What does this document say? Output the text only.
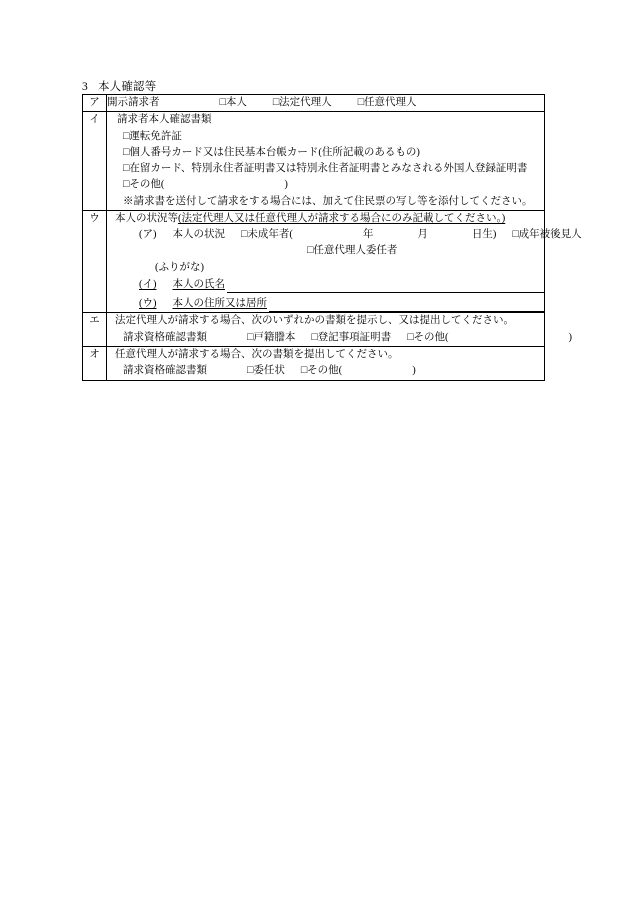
3 本人確認等
ア	開示請求者 □本人 □法定代理人 □任意代理人
イ	請求者本人確認書類
□運転免許証
□個人番号カード又は住民基本台帳カード(住所記載のあるもの)
□在留カード、特別永住者証明書又は特別永住者証明書とみなされる外国人登録証明書
□その他(	)
※請求書を送付して請求をする場合には、加えて住民票の写し等を添付してください。

ウ	本人の状況等(法定代理人又は任意代理人が請求する場合にのみ記載してください。)
(ア) 本人の状況 □未成年者(	年	月	日生) □成年被後見人
□任意代理人委任者
(ふりがな)
(イ) 本人の氏名
(ウ) 本人の住所又は居所

エ	法定代理人が請求する場合、次のいずれかの書類を提示し、又は提出してください。
請求資格確認書類 □戸籍謄本 □登記事項証明書 □その他( )

オ	任意代理人が請求する場合、次の書類を提出してください。
請求資格確認書類 □委任状 □その他( )
